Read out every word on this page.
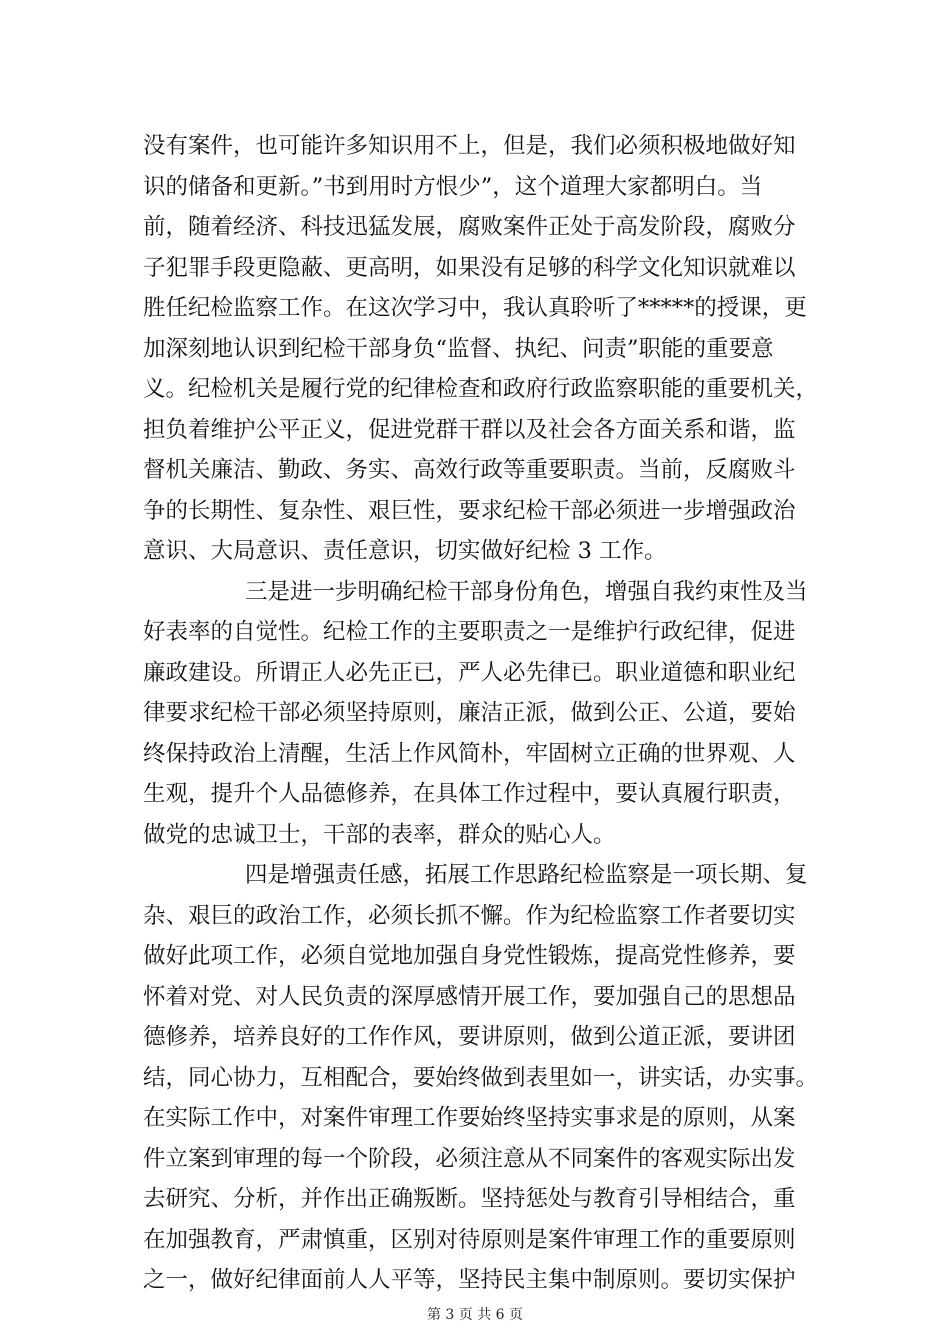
没有案件，也可能许多知识用不上，但是，我们必须积极地做好知
识的储备和更新。”书到用时方恨少”，这个道理大家都明白。当
前，随着经济、科技迅猛发展，腐败案件正处于高发阶段，腐败分
子犯罪手段更隐蔽、更高明，如果没有足够的科学文化知识就难以
胜任纪检监察工作。在这次学习中，我认真聆听了*****的授课，更
加深刻地认识到纪检干部身负“监督、执纪、问责”职能的重要意
义。纪检机关是履行党的纪律检查和政府行政监察职能的重要机关，
担负着维护公平正义，促进党群干群以及社会各方面关系和谐，监
督机关廉洁、勤政、务实、高效行政等重要职责。当前，反腐败斗
争的长期性、复杂性、艰巨性，要求纪检干部必须进一步增强政治
意识、大局意识、责任意识，切实做好纪检 3 工作。
三是进一步明确纪检干部身份角色，增强自我约束性及当
好表率的自觉性。纪检工作的主要职责之一是维护行政纪律，促进
廉政建设。所谓正人必先正已，严人必先律已。职业道德和职业纪
律要求纪检干部必须坚持原则，廉洁正派，做到公正、公道，要始
终保持政治上清醒，生活上作风简朴，牢固树立正确的世界观、人
生观，提升个人品德修养，在具体工作过程中，要认真履行职责，
做党的忠诚卫士，干部的表率，群众的贴心人。
四是增强责任感，拓展工作思路纪检监察是一项长期、复
杂、艰巨的政治工作，必须长抓不懈。作为纪检监察工作者要切实
做好此项工作，必须自觉地加强自身党性锻炼，提高党性修养，要
怀着对党、对人民负责的深厚感情开展工作，要加强自己的思想品
德修养，培养良好的工作作风，要讲原则，做到公道正派，要讲团
结，同心协力，互相配合，要始终做到表里如一，讲实话，办实事。
在实际工作中，对案件审理工作要始终坚持实事求是的原则，从案
件立案到审理的每一个阶段，必须注意从不同案件的客观实际出发
去研究、分析，并作出正确叛断。坚持惩处与教育引导相结合，重
在加强教育，严肃慎重，区别对待原则是案件审理工作的重要原则
之一，做好纪律面前人人平等，坚持民主集中制原则。要切实保护
第 3 页 共 6 页
